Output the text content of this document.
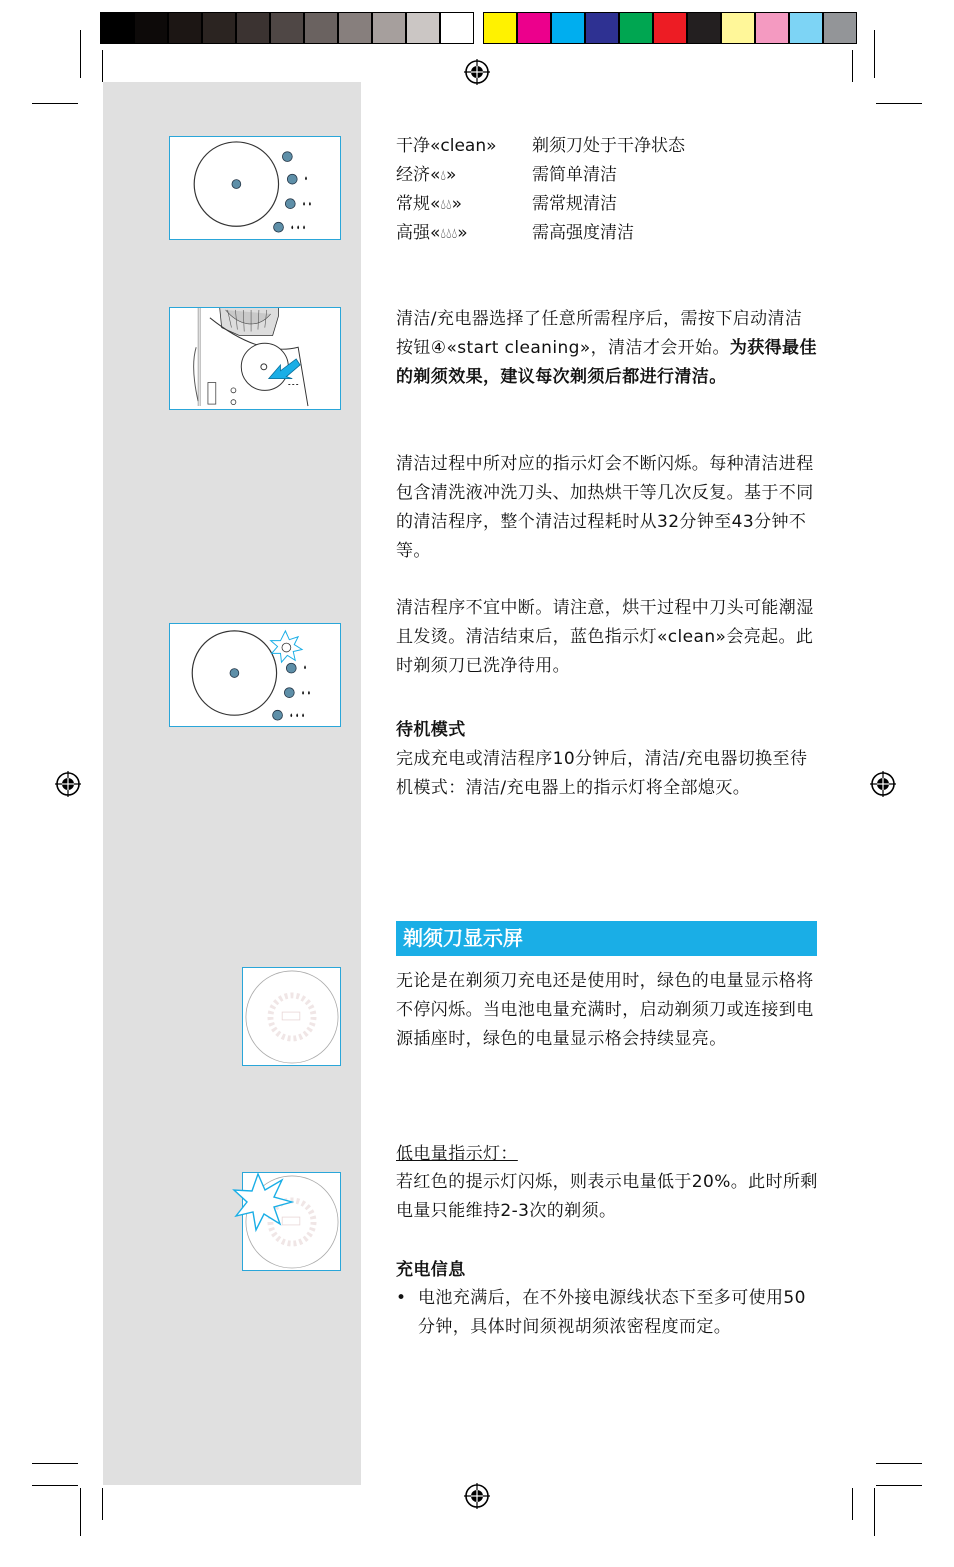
干净«clean» 剃须刀处于干净状态
经济«💧︎»	需简单清洁
常规«💧︎💧︎»	需常规清洁
高强«💧︎💧︎💧︎»	需高强度清洁
清洁/充电器选择了任意所需程序后，需按下启动清洁按钮④«start cleaning»，清洁才会开始。为获得最佳的剃须效果，建议每次剃须后都进行清洁。
清洁过程中所对应的指示灯会不断闪烁。每种清洁进程包含清洗液冲洗刀头、加热烘干等几次反复。基于不同的清洁程序，整个清洁过程耗时从32分钟至43分钟不等。
清洁程序不宜中断。请注意，烘干过程中刀头可能潮湿且发烫。清洁结束后，蓝色指示灯«clean»会亮起。此时剃须刀已洗净待用。
待机模式
完成充电或清洁程序10分钟后，清洁/充电器切换至待机模式：清洁/充电器上的指示灯将全部熄灭。
剃须刀显示屏
无论是在剃须刀充电还是使用时，绿色的电量显示格将不停闪烁。当电池电量充满时，启动剃须刀或连接到电源插座时，绿色的电量显示格会持续显亮。
低电量指示灯：
若红色的提示灯闪烁，则表示电量低于20%。此时所剩电量只能维持2-3次的剃须。
充电信息
• 电池充满后，在不外接电源线状态下至多可使用50分钟，具体时间须视胡须浓密程度而定。
